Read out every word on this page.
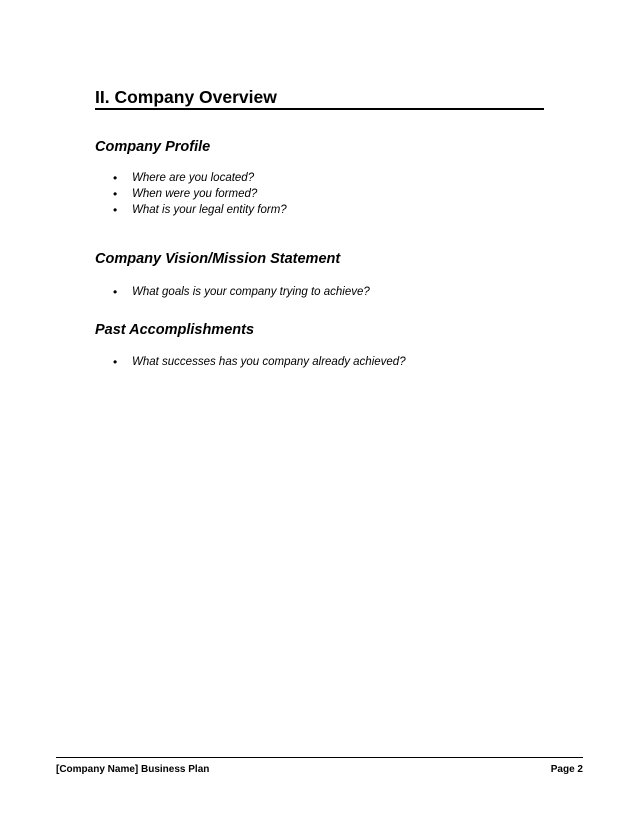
II. Company Overview
Company Profile
• Where are you located?
• When were you formed?
• What is your legal entity form?
Company Vision/Mission Statement
• What goals is your company trying to achieve?
Past Accomplishments
• What successes has you company already achieved?
[Company Name] Business Plan	Page 2
